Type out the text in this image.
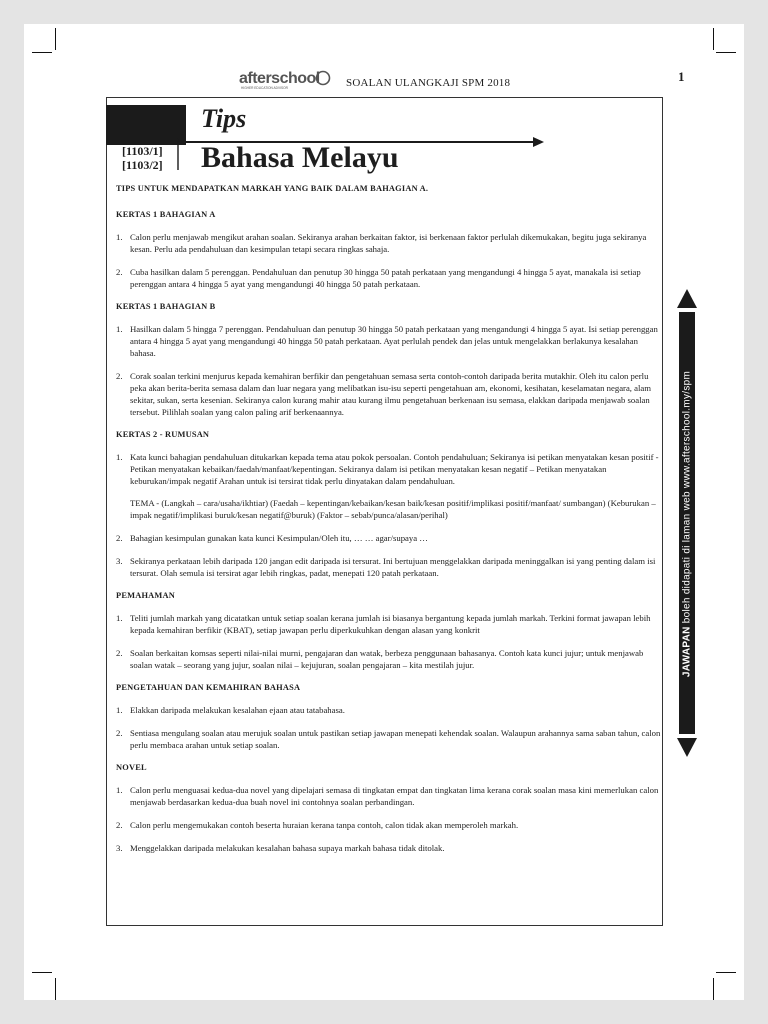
afterschool
HIGHER EDUCATION ADVISOR	SOALAN ULANGKAJI SPM 2018	1
Tips
[1103/1]
[1103/2] Bahasa Melayu
TIPS UNTUK MENDAPATKAN MARKAH YANG BAIK DALAM BAHAGIAN A.
KERTAS 1 BAHAGIAN A
1. Calon perlu menjawab mengikut arahan soalan. Sekiranya arahan berkaitan faktor, isi berkenaan faktor perlulah dikemukakan, begitu juga sekiranya kesan. Perlu ada pendahuluan dan kesimpulan tetapi secara ringkas sahaja.
2. Cuba hasilkan dalam 5 perenggan. Pendahuluan dan penutup 30 hingga 50 patah perkataan yang mengandungi 4 hingga 5 ayat, manakala isi setiap perenggan antara 4 hingga 5 ayat yang mengandungi 40 hingga 50 patah perkataan.
KERTAS 1 BAHAGIAN B
1. Hasilkan dalam 5 hingga 7 perenggan. Pendahuluan dan penutup 30 hingga 50 patah perkataan yang mengandungi 4 hingga 5 ayat. Isi setiap perenggan antara 4 hingga 5 ayat yang mengandungi 40 hingga 50 patah perkataan. Ayat perlulah pendek dan jelas untuk mengelakkan berlakunya kesalahan bahasa.
2. Corak soalan terkini menjurus kepada kemahiran berfikir dan pengetahuan semasa serta contoh-contoh daripada berita mutakhir. Oleh itu calon perlu peka akan berita-berita semasa dalam dan luar negara yang melibatkan isu-isu seperti pengetahuan am, ekonomi, kesihatan, keselamatan negara, alam sekitar, sukan, serta kesenian. Sekiranya calon kurang mahir atau kurang ilmu pengetahuan berkenaan isu semasa, elakkan daripada menjawab soalan tersebut. Pilihlah soalan yang calon paling arif berkenaannya.
KERTAS 2 - RUMUSAN
1. Kata kunci bahagian pendahuluan ditukarkan kepada tema atau pokok persoalan. Contoh pendahuluan; Sekiranya isi petikan menyatakan kesan positif - Petikan menyatakan kebaikan/faedah/manfaat/kepentingan. Sekiranya dalam isi petikan menyatakan kesan negatif – Petikan menyatakan keburukan/impak negatif Arahan untuk isi tersirat tidak perlu dinyatakan dalam pendahuluan.
TEMA - (Langkah – cara/usaha/ikhtiar) (Faedah – kepentingan/kebaikan/kesan baik/kesan positif/implikasi positif/manfaat/ sumbangan) (Keburukan – impak negatif/implikasi buruk/kesan negatif@buruk) (Faktor – sebab/punca/alasan/perihal)
2. Bahagian kesimpulan gunakan kata kunci Kesimpulan/Oleh itu, … … agar/supaya …
3. Sekiranya perkataan lebih daripada 120 jangan edit daripada isi tersurat. Ini bertujuan menggelakkan daripada meninggalkan isi yang penting dalam isi tersurat. Olah semula isi tersirat agar lebih ringkas, padat, menepati 120 patah perkataan.
PEMAHAMAN
1. Teliti jumlah markah yang dicatatkan untuk setiap soalan kerana jumlah isi biasanya bergantung kepada jumlah markah. Terkini format jawapan lebih kepada kemahiran berfikir (KBAT), setiap jawapan perlu diperkukuhkan dengan alasan yang konkrit
2. Soalan berkaitan komsas seperti nilai-nilai murni, pengajaran dan watak, berbeza penggunaan bahasanya. Contoh kata kunci jujur; untuk menjawab soalan watak – seorang yang jujur, soalan nilai – kejujuran, soalan pengajaran – kita mestilah jujur.
PENGETAHUAN DAN KEMAHIRAN BAHASA
1. Elakkan daripada melakukan kesalahan ejaan atau tatabahasa.
2. Sentiasa mengulang soalan atau merujuk soalan untuk pastikan setiap jawapan menepati kehendak soalan. Walaupun arahannya sama saban tahun, calon perlu membaca arahan untuk setiap soalan.
NOVEL
1. Calon perlu menguasai kedua-dua novel yang dipelajari semasa di tingkatan empat dan tingkatan lima kerana corak soalan masa kini memerlukan calon menjawab berdasarkan kedua-dua buah novel ini contohnya soalan perbandingan.
2. Calon perlu mengemukakan contoh beserta huraian kerana tanpa contoh, calon tidak akan memperoleh markah.
3. Menggelakkan daripada melakukan kesalahan bahasa supaya markah bahasa tidak ditolak.
JAWAPAN boleh didapati di laman web www.afterschool.my/spm
